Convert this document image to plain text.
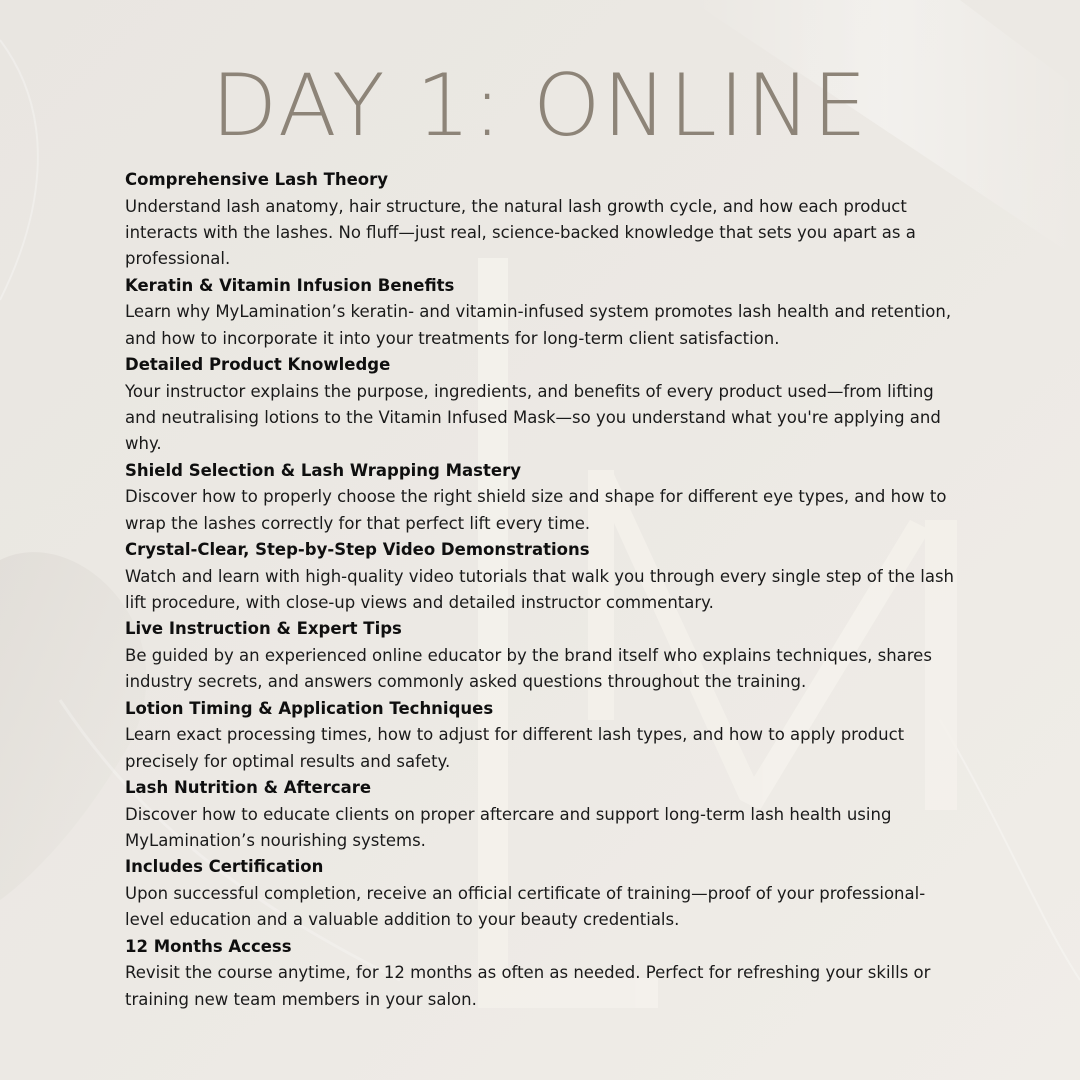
DAY 1: ONLINE
Comprehensive Lash Theory
Understand lash anatomy, hair structure, the natural lash growth cycle, and how each product interacts with the lashes. No fluff—just real, science-backed knowledge that sets you apart as a professional.
Keratin & Vitamin Infusion Benefits
Learn why MyLamination’s keratin- and vitamin-infused system promotes lash health and retention, and how to incorporate it into your treatments for long-term client satisfaction.
Detailed Product Knowledge
Your instructor explains the purpose, ingredients, and benefits of every product used—from lifting and neutralising lotions to the Vitamin Infused Mask—so you understand what you're applying and why.
Shield Selection & Lash Wrapping Mastery
Discover how to properly choose the right shield size and shape for different eye types, and how to wrap the lashes correctly for that perfect lift every time.
Crystal-Clear, Step-by-Step Video Demonstrations
Watch and learn with high-quality video tutorials that walk you through every single step of the lash lift procedure, with close-up views and detailed instructor commentary.
Live Instruction & Expert Tips
Be guided by an experienced online educator by the brand itself who explains techniques, shares industry secrets, and answers commonly asked questions throughout the training.
Lotion Timing & Application Techniques
Learn exact processing times, how to adjust for different lash types, and how to apply product precisely for optimal results and safety.
Lash Nutrition & Aftercare
Discover how to educate clients on proper aftercare and support long-term lash health using MyLamination’s nourishing systems.
Includes Certification
Upon successful completion, receive an official certificate of training—proof of your professional-level education and a valuable addition to your beauty credentials.
12 Months Access
Revisit the course anytime, for 12 months as often as needed. Perfect for refreshing your skills or training new team members in your salon.
